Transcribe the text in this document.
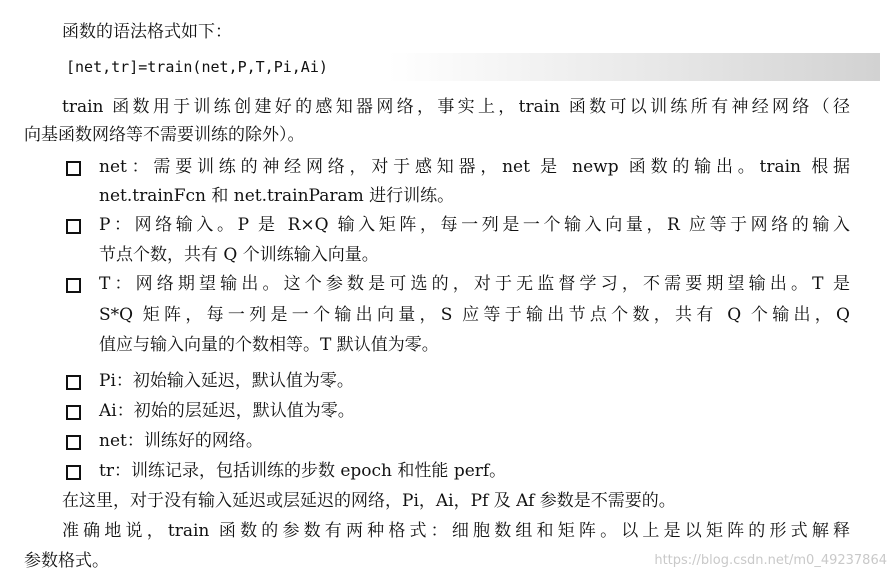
函数的语法格式如下：
[net,tr]=train(net,P,T,Pi,Ai)
train 函数用于训练创建好的感知器网络，事实上，train 函数可以训练所有神经网络（径
向基函数网络等不需要训练的除外）。
net：需要训练的神经网络，对于感知器，net 是 newp 函数的输出。train 根据
net.trainFcn 和 net.trainParam 进行训练。
P：网络输入。P 是 R×Q 输入矩阵，每一列是一个输入向量，R 应等于网络的输入
节点个数，共有 Q 个训练输入向量。
T：网络期望输出。这个参数是可选的，对于无监督学习，不需要期望输出。T 是
S*Q 矩阵，每一列是一个输出向量，S 应等于输出节点个数，共有 Q 个输出，Q
值应与输入向量的个数相等。T 默认值为零。
Pi：初始输入延迟，默认值为零。
Ai：初始的层延迟，默认值为零。
net：训练好的网络。
tr：训练记录，包括训练的步数 epoch 和性能 perf。
在这里，对于没有输入延迟或层延迟的网络，Pi，Ai，Pf 及 Af 参数是不需要的。
准确地说，train 函数的参数有两种格式：细胞数组和矩阵。以上是以矩阵的形式解释
参数格式。	https://blog.csdn.net/m0_49237864
